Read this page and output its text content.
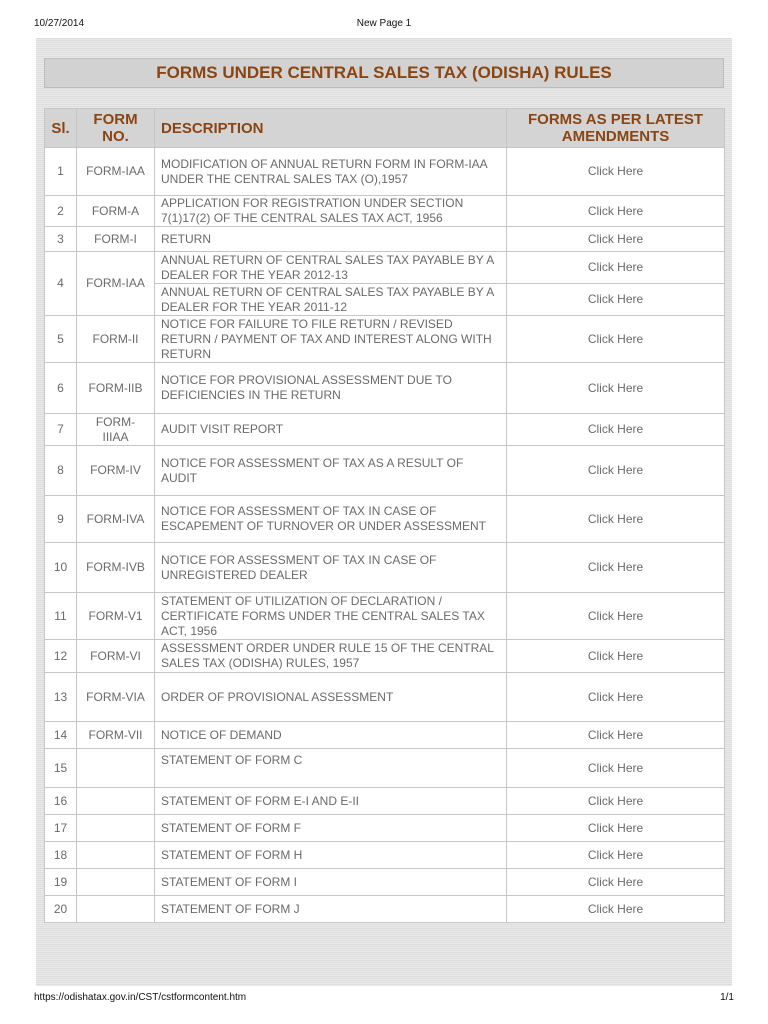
10/27/2014	New Page 1
FORMS UNDER CENTRAL SALES TAX (ODISHA) RULES
Sl.	FORM NO.	DESCRIPTION	FORMS AS PER LATEST AMENDMENTS
1	FORM-IAA	MODIFICATION OF ANNUAL RETURN FORM IN FORM-IAA UNDER THE CENTRAL SALES TAX (O),1957	Click Here
2	FORM-A	APPLICATION FOR REGISTRATION UNDER SECTION 7(1)17(2) OF THE CENTRAL SALES TAX ACT, 1956	Click Here
3	FORM-I	RETURN	Click Here
4	FORM-IAA	ANNUAL RETURN OF CENTRAL SALES TAX PAYABLE BY A DEALER FOR THE YEAR 2012-13	Click Here
		ANNUAL RETURN OF CENTRAL SALES TAX PAYABLE BY A DEALER FOR THE YEAR 2011-12	Click Here
5	FORM-II	NOTICE FOR FAILURE TO FILE RETURN / REVISED RETURN / PAYMENT OF TAX AND INTEREST ALONG WITH RETURN	Click Here
6	FORM-IIB	NOTICE FOR PROVISIONAL ASSESSMENT DUE TO DEFICIENCIES IN THE RETURN	Click Here
7	FORM-IIIAA	AUDIT VISIT REPORT	Click Here
8	FORM-IV	NOTICE FOR ASSESSMENT OF TAX AS A RESULT OF AUDIT	Click Here
9	FORM-IVA	NOTICE FOR ASSESSMENT OF TAX IN CASE OF ESCAPEMENT OF TURNOVER OR UNDER ASSESSMENT	Click Here
10	FORM-IVB	NOTICE FOR ASSESSMENT OF TAX IN CASE OF UNREGISTERED DEALER	Click Here
11	FORM-V1	STATEMENT OF UTILIZATION OF DECLARATION / CERTIFICATE FORMS UNDER THE CENTRAL SALES TAX ACT, 1956	Click Here
12	FORM-VI	ASSESSMENT ORDER UNDER RULE 15 OF THE CENTRAL SALES TAX (ODISHA) RULES, 1957	Click Here
13	FORM-VIA	ORDER OF PROVISIONAL ASSESSMENT	Click Here
14	FORM-VII	NOTICE OF DEMAND	Click Here
15		STATEMENT OF FORM C	Click Here
16		STATEMENT OF FORM E-I AND E-II	Click Here
17		STATEMENT OF FORM F	Click Here
18		STATEMENT OF FORM H	Click Here
19		STATEMENT OF FORM I	Click Here
20		STATEMENT OF FORM J	Click Here
https://odishatax.gov.in/CST/cstformcontent.htm	1/1
